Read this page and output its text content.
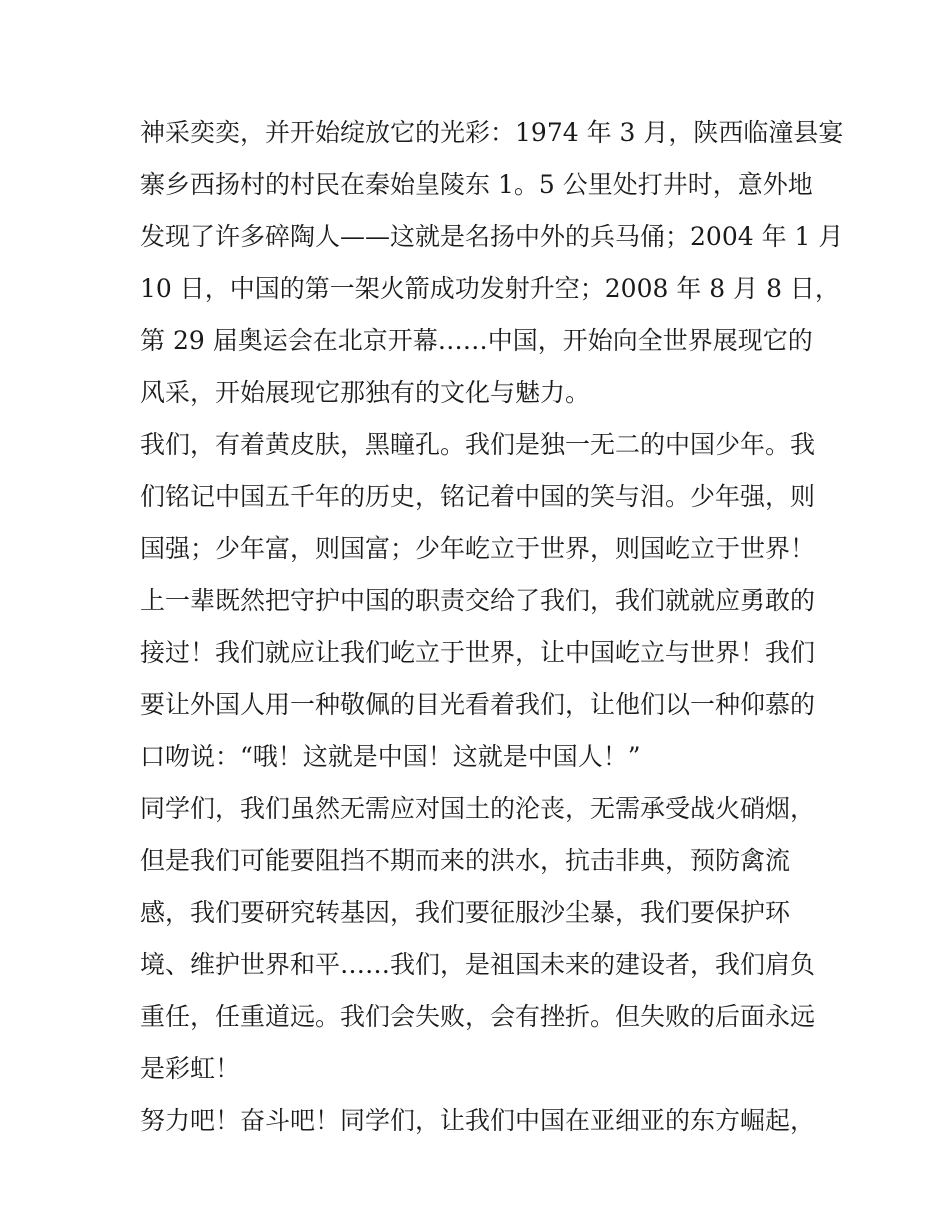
神采奕奕，并开始绽放它的光彩：1974 年 3 月，陕西临潼县宴
寨乡西扬村的村民在秦始皇陵东 1。5 公里处打井时，意外地
发现了许多碎陶人——这就是名扬中外的兵马俑；2004 年 1 月
10 日，中国的第一架火箭成功发射升空；2008 年 8 月 8 日，
第 29 届奥运会在北京开幕……中国，开始向全世界展现它的
风采，开始展现它那独有的文化与魅力。
我们，有着黄皮肤，黑瞳孔。我们是独一无二的中国少年。我
们铭记中国五千年的历史，铭记着中国的笑与泪。少年强，则
国强；少年富，则国富；少年屹立于世界，则国屹立于世界！
上一辈既然把守护中国的职责交给了我们，我们就就应勇敢的
接过！我们就应让我们屹立于世界，让中国屹立与世界！我们
要让外国人用一种敬佩的目光看着我们，让他们以一种仰慕的
口吻说：“哦！这就是中国！这就是中国人！”
同学们，我们虽然无需应对国土的沦丧，无需承受战火硝烟，
但是我们可能要阻挡不期而来的洪水，抗击非典，预防禽流
感，我们要研究转基因，我们要征服沙尘暴，我们要保护环
境、维护世界和平……我们，是祖国未来的建设者，我们肩负
重任，任重道远。我们会失败，会有挫折。但失败的后面永远
是彩虹！
努力吧！奋斗吧！同学们，让我们中国在亚细亚的东方崛起，
